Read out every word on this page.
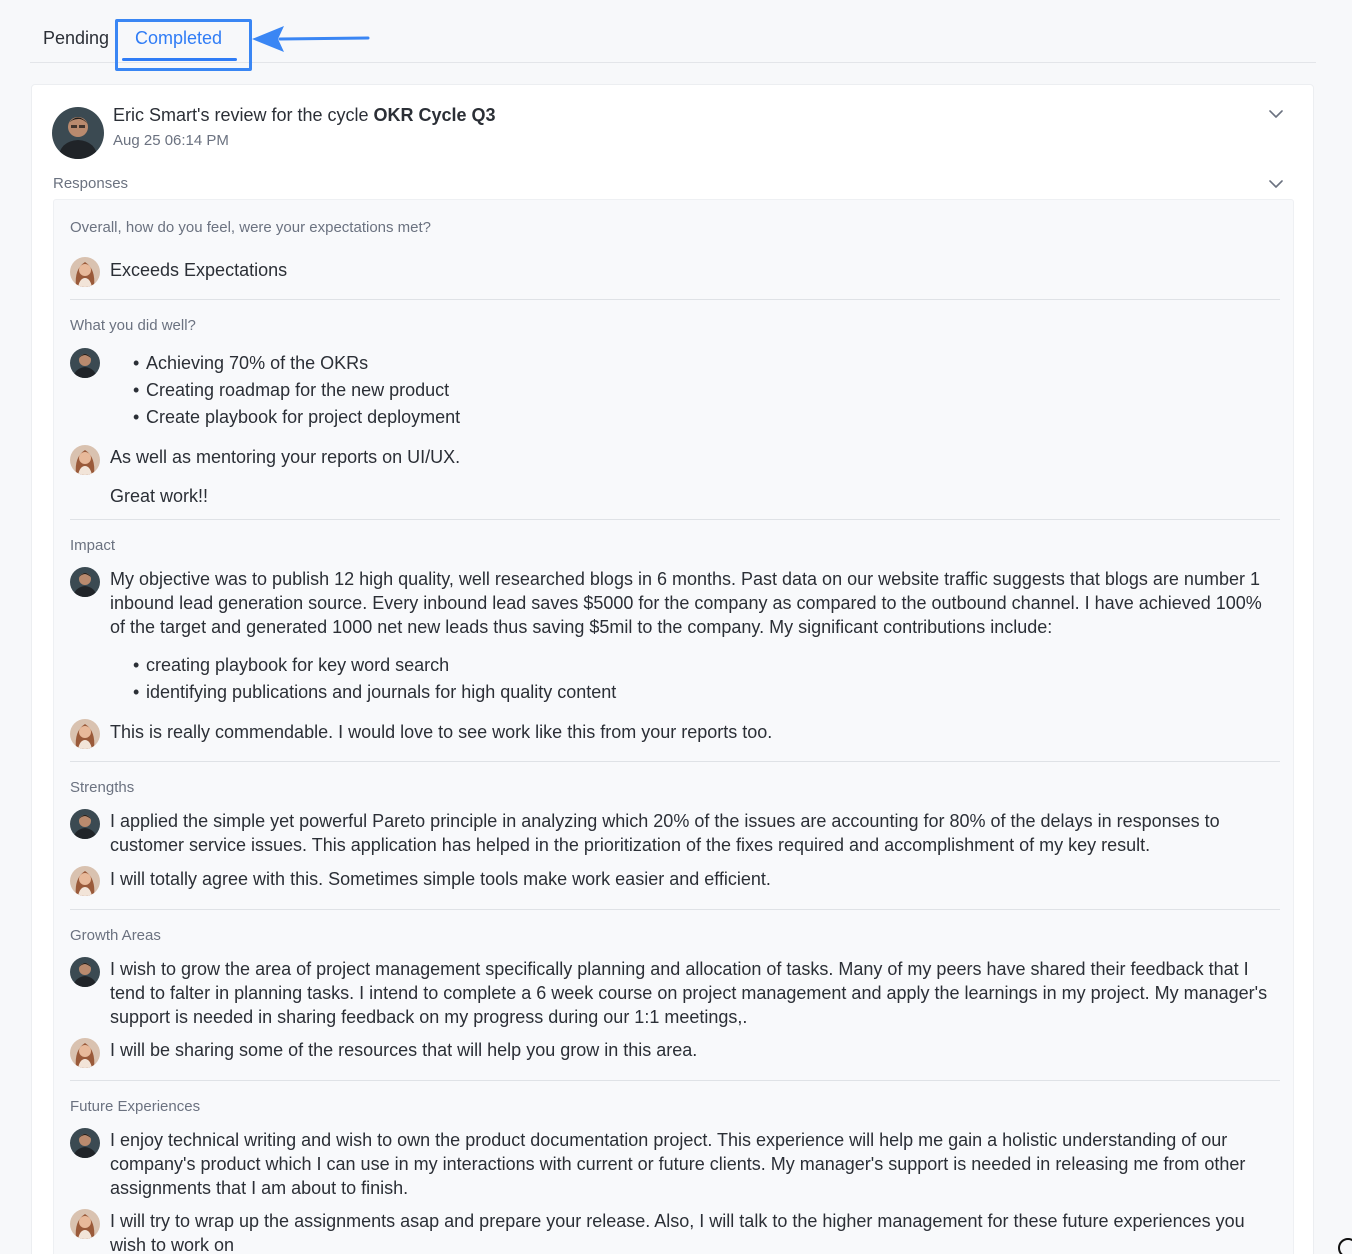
Pending Completed
Eric Smart's review for the cycle OKR Cycle Q3
Aug 25 06:14 PM
Responses
Overall, how do you feel, were your expectations met?
Exceeds Expectations
What you did well?
• Achieving 70% of the OKRs
• Creating roadmap for the new product
• Create playbook for project deployment
As well as mentoring your reports on UI/UX.
Great work!!
Impact
My objective was to publish 12 high quality, well researched blogs in 6 months. Past data on our website traffic suggests that blogs are number 1 inbound lead generation source. Every inbound lead saves $5000 for the company as compared to the outbound channel. I have achieved 100% of the target and generated 1000 net new leads thus saving $5mil to the company. My significant contributions include:
• creating playbook for key word search
• identifying publications and journals for high quality content
This is really commendable. I would love to see work like this from your reports too.
Strengths
I applied the simple yet powerful Pareto principle in analyzing which 20% of the issues are accounting for 80% of the delays in responses to customer service issues. This application has helped in the prioritization of the fixes required and accomplishment of my key result.
I will totally agree with this. Sometimes simple tools make work easier and efficient.
Growth Areas
I wish to grow the area of project management specifically planning and allocation of tasks. Many of my peers have shared their feedback that I tend to falter in planning tasks. I intend to complete a 6 week course on project management and apply the learnings in my project. My manager's support is needed in sharing feedback on my progress during our 1:1 meetings,.
I will be sharing some of the resources that will help you grow in this area.
Future Experiences
I enjoy technical writing and wish to own the product documentation project. This experience will help me gain a holistic understanding of our company's product which I can use in my interactions with current or future clients. My manager's support is needed in releasing me from other assignments that I am about to finish.
I will try to wrap up the assignments asap and prepare your release. Also, I will talk to the higher management for these future experiences you wish to work on
